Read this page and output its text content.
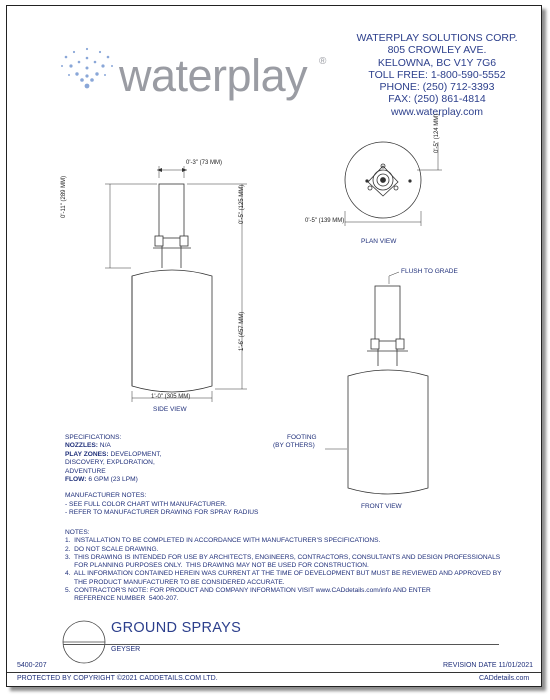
waterplay ®
WATERPLAY SOLUTIONS CORP.
805 CROWLEY AVE.
KELOWNA, BC V1Y 7G6
TOLL FREE: 1-800-590-5552
PHONE: (250) 712-3393
FAX: (250) 861-4814
www.waterplay.com
0'-3" (73 MM)
0'-11" (289 MM)	0'-5" (125 MM)
1'-6" (457 MM)
1'-0" (305 MM)
SIDE VIEW
0'-5" (124 MM)
0'-5" (139 MM)
PLAN VIEW
FLUSH TO GRADE
FOOTING
(BY OTHERS)
FRONT VIEW
SPECIFICATIONS:
NOZZLES: N/A
PLAY ZONES: DEVELOPMENT,
DISCOVERY, EXPLORATION,
ADVENTURE
FLOW: 6 GPM (23 LPM)
MANUFACTURER NOTES:
- SEE FULL COLOR CHART WITH MANUFACTURER.
- REFER TO MANUFACTURER DRAWING FOR SPRAY RADIUS
NOTES:
1.  INSTALLATION TO BE COMPLETED IN ACCORDANCE WITH MANUFACTURER'S SPECIFICATIONS.
2.  DO NOT SCALE DRAWING.
3.  THIS DRAWING IS INTENDED FOR USE BY ARCHITECTS, ENGINEERS, CONTRACTORS, CONSULTANTS AND DESIGN PROFESSIONALS
FOR PLANNING PURPOSES ONLY.  THIS DRAWING MAY NOT BE USED FOR CONSTRUCTION.
4.  ALL INFORMATION CONTAINED HEREIN WAS CURRENT AT THE TIME OF DEVELOPMENT BUT MUST BE REVIEWED AND APPROVED BY
THE PRODUCT MANUFACTURER TO BE CONSIDERED ACCURATE.
5.  CONTRACTOR'S NOTE: FOR PRODUCT AND COMPANY INFORMATION VISIT www.CADdetails.com/info AND ENTER
REFERENCE NUMBER  5400-207.
GROUND SPRAYS
GEYSER
5400-207	REVISION DATE 11/01/2021
PROTECTED BY COPYRIGHT ©2021 CADDETAILS.COM LTD.	CADdetails.com
